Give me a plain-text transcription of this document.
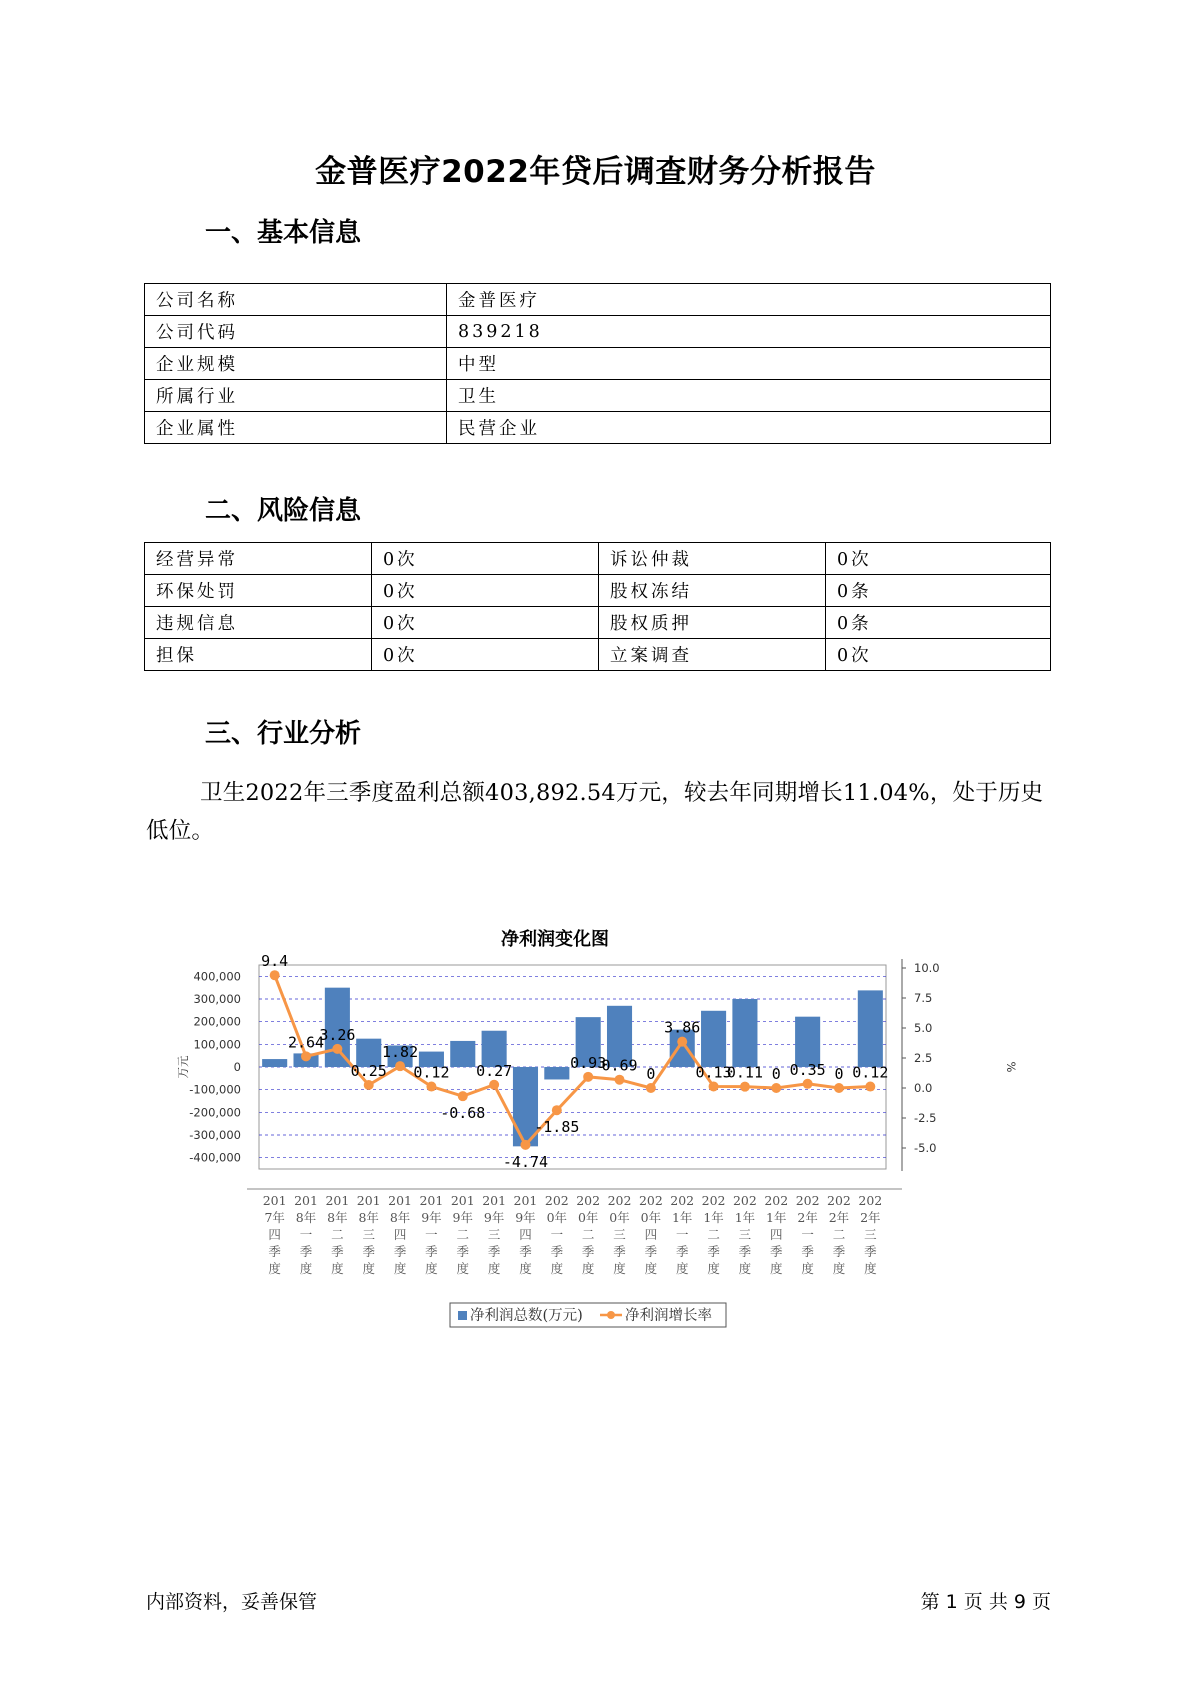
金普医疗2022年贷后调查财务分析报告
一、基本信息
公司名称	金普医疗
公司代码	839218
企业规模	中型
所属行业	卫生
企业属性	民营企业
二、风险信息
经营异常	0次	诉讼仲裁	0次
环保处罚	0次	股权冻结	0条
违规信息	0次	股权质押	0条
担保	0次	立案调查	0次
三、行业分析
卫生2022年三季度盈利总额403,892.54万元，较去年同期增长11.04%，处于历史低位。
净利润变化图
400,000
300,000
200,000
100,000
0
-100,000
-200,000
-300,000
-400,000
万元
10.0
7.5
5.0
2.5
0.0
-2.5
-5.0
%
9.4
2.64
3.26
0.25
1.82
0.12
-0.68
0.27
-4.74
-1.85
0.93
0.69 0
3.86
0.13
0.11 0 0.35 0 0.12
201
7年
四
季
度
201
8年
一
季
度
201
8年
二
季
度
201
8年
三
季
度
201
8年
四
季
度
201
9年
一
季
度
201
9年
二
季
度
201
9年
三
季
度
201
9年
四
季
度
202
0年
一
季
度
202
0年
二
季
度
202
0年
三
季
度
202
0年
四
季
度
202
1年
一
季
度
202
1年
二
季
度
202
1年
三
季
度
202
1年
四
季
度
202
2年
一
季
度
202
2年
二
季
度
202
2年
三
季
度
净利润总数(万元)	净利润增长率
内部资料，妥善保管	第 1 页 共 9 页
